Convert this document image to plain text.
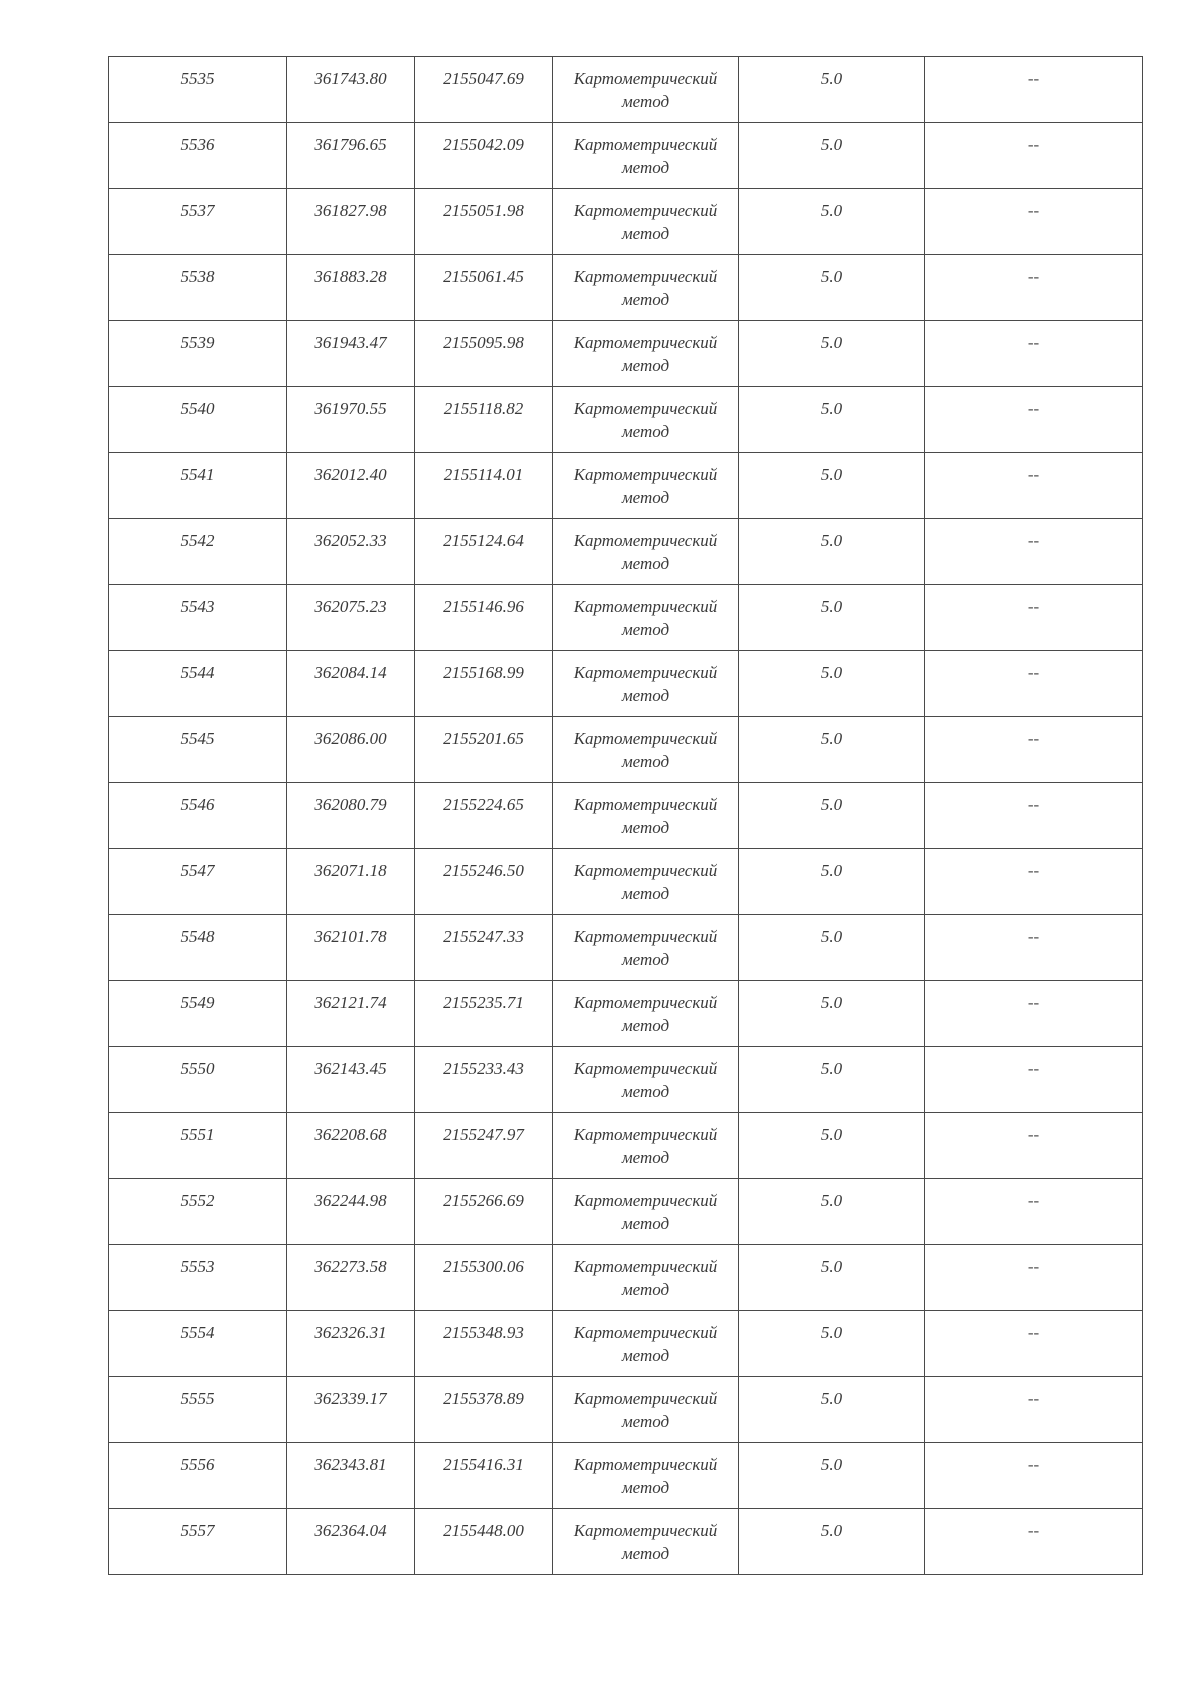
5535	361743.80	2155047.69	Картометрический метод	5.0	--
5536	361796.65	2155042.09	Картометрический метод	5.0	--
5537	361827.98	2155051.98	Картометрический метод	5.0	--
5538	361883.28	2155061.45	Картометрический метод	5.0	--
5539	361943.47	2155095.98	Картометрический метод	5.0	--
5540	361970.55	2155118.82	Картометрический метод	5.0	--
5541	362012.40	2155114.01	Картометрический метод	5.0	--
5542	362052.33	2155124.64	Картометрический метод	5.0	--
5543	362075.23	2155146.96	Картометрический метод	5.0	--
5544	362084.14	2155168.99	Картометрический метод	5.0	--
5545	362086.00	2155201.65	Картометрический метод	5.0	--
5546	362080.79	2155224.65	Картометрический метод	5.0	--
5547	362071.18	2155246.50	Картометрический метод	5.0	--
5548	362101.78	2155247.33	Картометрический метод	5.0	--
5549	362121.74	2155235.71	Картометрический метод	5.0	--
5550	362143.45	2155233.43	Картометрический метод	5.0	--
5551	362208.68	2155247.97	Картометрический метод	5.0	--
5552	362244.98	2155266.69	Картометрический метод	5.0	--
5553	362273.58	2155300.06	Картометрический метод	5.0	--
5554	362326.31	2155348.93	Картометрический метод	5.0	--
5555	362339.17	2155378.89	Картометрический метод	5.0	--
5556	362343.81	2155416.31	Картометрический метод	5.0	--
5557	362364.04	2155448.00	Картометрический метод	5.0	--
